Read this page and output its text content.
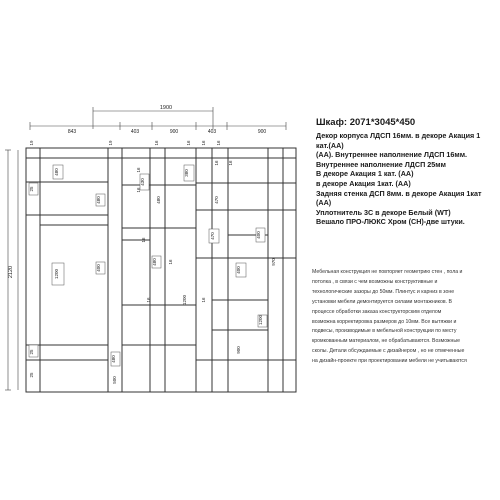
1900
843	403	900	403	900
2120
19	19	16	16 16 16
25
480
480
16
16
430
16 16
380
480	470
1200
400
16
480
470
400
25
400
970
1200
16
16
900
16	1200
25
480
500
Шкаф: 2071*3045*450
Декор корпуса ЛДСП 16мм. в декоре Акация 1
кат.(АА)
(АА). Внутреннее наполнение ЛДСП 16мм.
Внутреннее наполнение ЛДСП 25мм
В декоре Акация 1 кат. (АА)
в декоре Акация 1кат. (АА)
Задняя стенка ДСП 8мм. в декоре Акация 1кат
(АА)
Уплотнитель 3С в декоре Белый (WT)
Вешало ПРО-ЛЮКС Хром (СН)-две штуки.
Мебельная конструкция не повторяет геометрию стен , пола и
потолка , в связи с чем возможны конструктивные и
технологические зазоры до 50мм. Плинтус и карниз в зоне
установки мебели демонтируется силами монтажников. В
процессе обработки заказа конструкторским отделом
возможна корректировка размеров до 10мм. Все вытяжки и
подвесы, производимые в мебельной конструкции по месту
кромкованным материалом, не обрабатываются. Возможные
сколы. Детали обсуждаемые с дизайнером , но не отмеченные
на дизайн-проекте при проектировании мебели не учитываются
